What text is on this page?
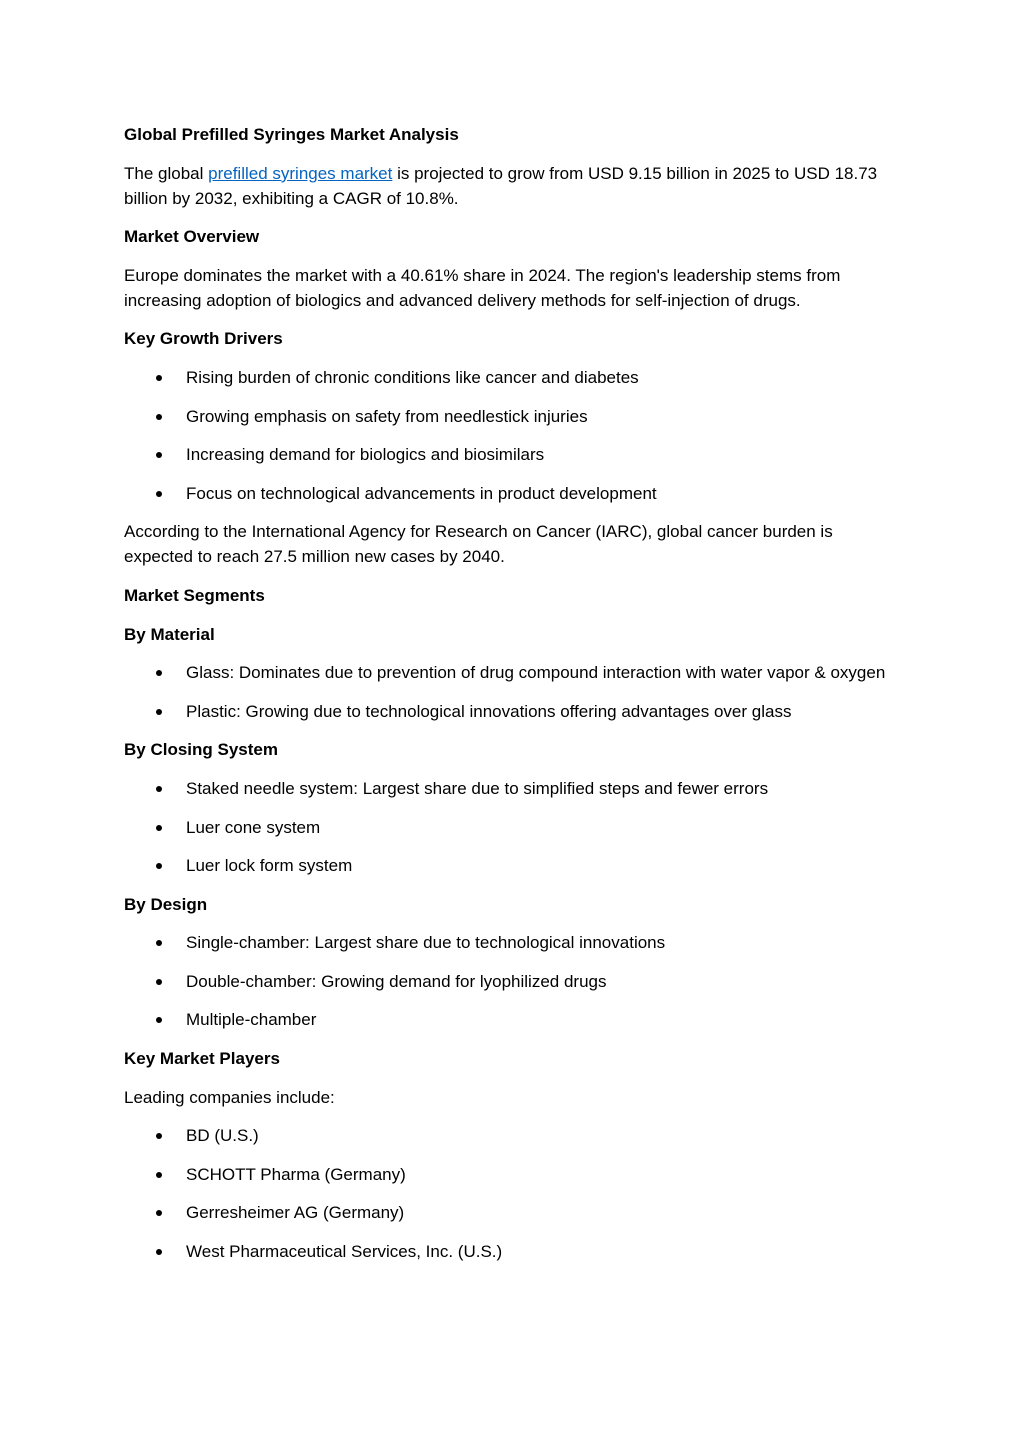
Global Prefilled Syringes Market Analysis

The global prefilled syringes market is projected to grow from USD 9.15 billion in 2025 to USD 18.73 billion by 2032, exhibiting a CAGR of 10.8%.

Market Overview

Europe dominates the market with a 40.61% share in 2024. The region's leadership stems from increasing adoption of biologics and advanced delivery methods for self-injection of drugs.

Key Growth Drivers
Rising burden of chronic conditions like cancer and diabetes
Growing emphasis on safety from needlestick injuries
Increasing demand for biologics and biosimilars
Focus on technological advancements in product development

According to the International Agency for Research on Cancer (IARC), global cancer burden is expected to reach 27.5 million new cases by 2040.

Market Segments
By Material
Glass: Dominates due to prevention of drug compound interaction with water vapor & oxygen
Plastic: Growing due to technological innovations offering advantages over glass
By Closing System
Staked needle system: Largest share due to simplified steps and fewer errors
Luer cone system
Luer lock form system
By Design
Single-chamber: Largest share due to technological innovations
Double-chamber: Growing demand for lyophilized drugs
Multiple-chamber
Key Market Players

Leading companies include:

BD (U.S.)
SCHOTT Pharma (Germany)
Gerresheimer AG (Germany)
West Pharmaceutical Services, Inc. (U.S.)
